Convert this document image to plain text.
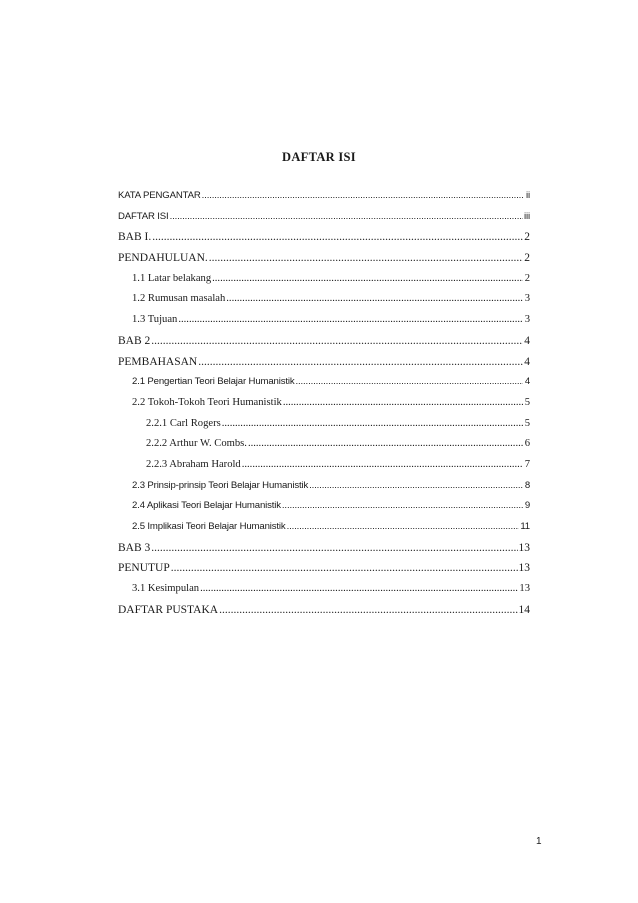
DAFTAR ISI
KATA PENGANTAR .....	ii
DAFTAR ISI .....	iii
BAB I. .....	2
PENDAHULUAN. .....	2
1.1 Latar belakang .....	2
1.2 Rumusan masalah .....	3
1.3 Tujuan .....	3
BAB 2 .....	4
PEMBAHASAN .....	4
2.1 Pengertian Teori Belajar Humanistik .....	4
2.2 Tokoh-Tokoh Teori Humanistik .....	5
2.2.1 Carl Rogers .....	5
2.2.2 Arthur W. Combs. .....	6
2.2.3 Abraham Harold .....	7
2.3 Prinsip-prinsip Teori Belajar Humanistik .....	8
2.4 Aplikasi Teori Belajar Humanistik .....	9
2.5 Implikasi Teori Belajar Humanistik .....	11
BAB 3 .....	13
PENUTUP .....	13
3.1 Kesimpulan .....	13
DAFTAR PUSTAKA .....	14
1
